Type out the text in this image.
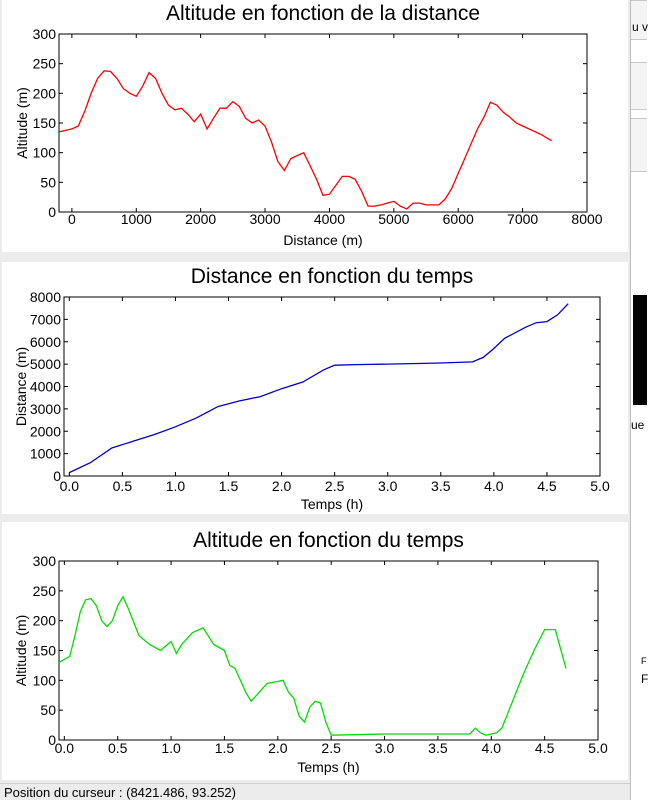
Altitude en fonction de la distance
0
50
100
150
200
250
300
0	1000 2000 3000 4000 5000 6000 7000 8000
Distance (m)
Altitude (m)
Distance en fonction du temps
0
1000
2000
3000
4000
5000
6000
7000
8000
0.0 0.5 1.0 1.5 2.0 2.5 3.0 3.5 4.0 4.5 5.0
Temps (h)
Distance (m)
Altitude en fonction du temps
0
50
100
150
200
250
300
0.0 0.5 1.0 1.5 2.0 2.5 3.0 3.5 4.0 4.5 5.0
Temps (h)
Altitude (m)
Position du curseur : (8421.486, 93.252)
u v
ue
F
F
